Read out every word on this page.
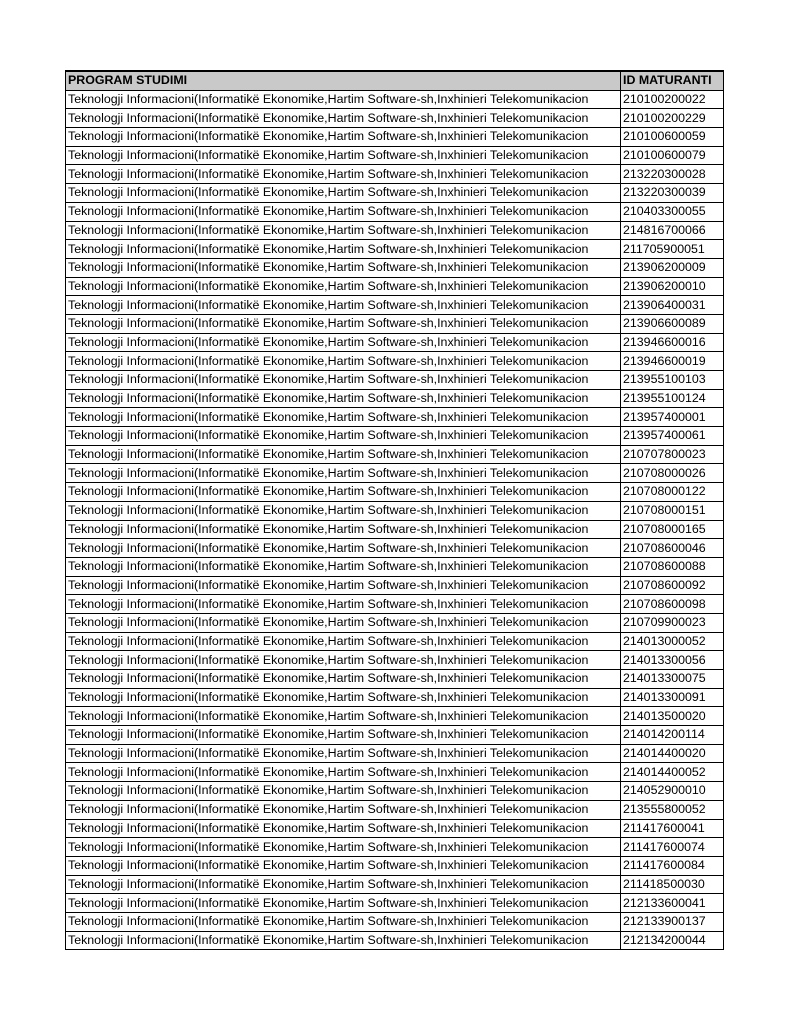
PROGRAM STUDIMI	ID MATURANTI
Teknologji Informacioni(Informatikë Ekonomike,Hartim Software-sh,Inxhinieri Telekomunikacion	210100200022
Teknologji Informacioni(Informatikë Ekonomike,Hartim Software-sh,Inxhinieri Telekomunikacion	210100200229
Teknologji Informacioni(Informatikë Ekonomike,Hartim Software-sh,Inxhinieri Telekomunikacion	210100600059
Teknologji Informacioni(Informatikë Ekonomike,Hartim Software-sh,Inxhinieri Telekomunikacion	210100600079
Teknologji Informacioni(Informatikë Ekonomike,Hartim Software-sh,Inxhinieri Telekomunikacion	213220300028
Teknologji Informacioni(Informatikë Ekonomike,Hartim Software-sh,Inxhinieri Telekomunikacion	213220300039
Teknologji Informacioni(Informatikë Ekonomike,Hartim Software-sh,Inxhinieri Telekomunikacion	210403300055
Teknologji Informacioni(Informatikë Ekonomike,Hartim Software-sh,Inxhinieri Telekomunikacion	214816700066
Teknologji Informacioni(Informatikë Ekonomike,Hartim Software-sh,Inxhinieri Telekomunikacion	211705900051
Teknologji Informacioni(Informatikë Ekonomike,Hartim Software-sh,Inxhinieri Telekomunikacion	213906200009
Teknologji Informacioni(Informatikë Ekonomike,Hartim Software-sh,Inxhinieri Telekomunikacion	213906200010
Teknologji Informacioni(Informatikë Ekonomike,Hartim Software-sh,Inxhinieri Telekomunikacion	213906400031
Teknologji Informacioni(Informatikë Ekonomike,Hartim Software-sh,Inxhinieri Telekomunikacion	213906600089
Teknologji Informacioni(Informatikë Ekonomike,Hartim Software-sh,Inxhinieri Telekomunikacion	213946600016
Teknologji Informacioni(Informatikë Ekonomike,Hartim Software-sh,Inxhinieri Telekomunikacion	213946600019
Teknologji Informacioni(Informatikë Ekonomike,Hartim Software-sh,Inxhinieri Telekomunikacion	213955100103
Teknologji Informacioni(Informatikë Ekonomike,Hartim Software-sh,Inxhinieri Telekomunikacion	213955100124
Teknologji Informacioni(Informatikë Ekonomike,Hartim Software-sh,Inxhinieri Telekomunikacion	213957400001
Teknologji Informacioni(Informatikë Ekonomike,Hartim Software-sh,Inxhinieri Telekomunikacion	213957400061
Teknologji Informacioni(Informatikë Ekonomike,Hartim Software-sh,Inxhinieri Telekomunikacion	210707800023
Teknologji Informacioni(Informatikë Ekonomike,Hartim Software-sh,Inxhinieri Telekomunikacion	210708000026
Teknologji Informacioni(Informatikë Ekonomike,Hartim Software-sh,Inxhinieri Telekomunikacion	210708000122
Teknologji Informacioni(Informatikë Ekonomike,Hartim Software-sh,Inxhinieri Telekomunikacion	210708000151
Teknologji Informacioni(Informatikë Ekonomike,Hartim Software-sh,Inxhinieri Telekomunikacion	210708000165
Teknologji Informacioni(Informatikë Ekonomike,Hartim Software-sh,Inxhinieri Telekomunikacion	210708600046
Teknologji Informacioni(Informatikë Ekonomike,Hartim Software-sh,Inxhinieri Telekomunikacion	210708600088
Teknologji Informacioni(Informatikë Ekonomike,Hartim Software-sh,Inxhinieri Telekomunikacion	210708600092
Teknologji Informacioni(Informatikë Ekonomike,Hartim Software-sh,Inxhinieri Telekomunikacion	210708600098
Teknologji Informacioni(Informatikë Ekonomike,Hartim Software-sh,Inxhinieri Telekomunikacion	210709900023
Teknologji Informacioni(Informatikë Ekonomike,Hartim Software-sh,Inxhinieri Telekomunikacion	214013000052
Teknologji Informacioni(Informatikë Ekonomike,Hartim Software-sh,Inxhinieri Telekomunikacion	214013300056
Teknologji Informacioni(Informatikë Ekonomike,Hartim Software-sh,Inxhinieri Telekomunikacion	214013300075
Teknologji Informacioni(Informatikë Ekonomike,Hartim Software-sh,Inxhinieri Telekomunikacion	214013300091
Teknologji Informacioni(Informatikë Ekonomike,Hartim Software-sh,Inxhinieri Telekomunikacion	214013500020
Teknologji Informacioni(Informatikë Ekonomike,Hartim Software-sh,Inxhinieri Telekomunikacion	214014200114
Teknologji Informacioni(Informatikë Ekonomike,Hartim Software-sh,Inxhinieri Telekomunikacion	214014400020
Teknologji Informacioni(Informatikë Ekonomike,Hartim Software-sh,Inxhinieri Telekomunikacion	214014400052
Teknologji Informacioni(Informatikë Ekonomike,Hartim Software-sh,Inxhinieri Telekomunikacion	214052900010
Teknologji Informacioni(Informatikë Ekonomike,Hartim Software-sh,Inxhinieri Telekomunikacion	213555800052
Teknologji Informacioni(Informatikë Ekonomike,Hartim Software-sh,Inxhinieri Telekomunikacion	211417600041
Teknologji Informacioni(Informatikë Ekonomike,Hartim Software-sh,Inxhinieri Telekomunikacion	211417600074
Teknologji Informacioni(Informatikë Ekonomike,Hartim Software-sh,Inxhinieri Telekomunikacion	211417600084
Teknologji Informacioni(Informatikë Ekonomike,Hartim Software-sh,Inxhinieri Telekomunikacion	211418500030
Teknologji Informacioni(Informatikë Ekonomike,Hartim Software-sh,Inxhinieri Telekomunikacion	212133600041
Teknologji Informacioni(Informatikë Ekonomike,Hartim Software-sh,Inxhinieri Telekomunikacion	212133900137
Teknologji Informacioni(Informatikë Ekonomike,Hartim Software-sh,Inxhinieri Telekomunikacion	212134200044
